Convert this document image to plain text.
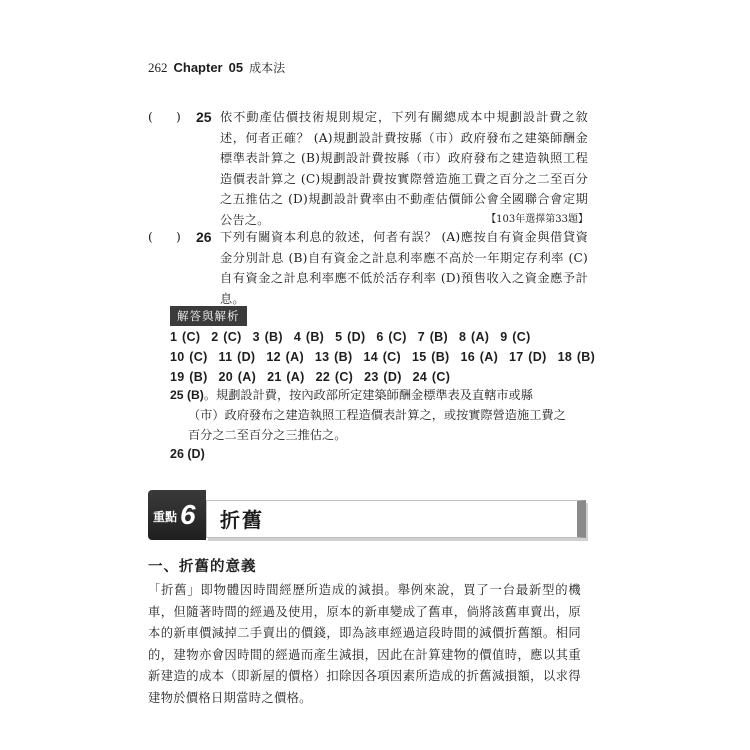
262 Chapter 05 成本法
( ) 25 依不動產估價技術規則規定，下列有關總成本中規劃設計費之敘述，何者正確？ (A)規劃設計費按縣（市）政府發布之建築師酬金標準表計算之 (B)規劃設計費按縣（市）政府發布之建造執照工程造價表計算之 (C)規劃設計費按實際營造施工費之百分之二至百分之五推估之 (D)規劃設計費率由不動產估價師公會全國聯合會定期公告之。	【103年選擇第33題】
( ) 26 下列有關資本利息的敘述，何者有誤？ (A)應按自有資金與借貸資金分別計息 (B)自有資金之計息利率應不高於一年期定存利率 (C)自有資金之計息利率應不低於活存利率 (D)預售收入之資金應予計息。
解答與解析
1 (C) 2 (C) 3 (B) 4 (B) 5 (D) 6 (C) 7 (B) 8 (A) 9 (C)
10 (C) 11 (D) 12 (A) 13 (B) 14 (C) 15 (B) 16 (A) 17 (D) 18 (B)
19 (B) 20 (A) 21 (A) 22 (C) 23 (D) 24 (C)
25 (B)。規劃設計費，按內政部所定建築師酬金標準表及直轄市或縣
（市）政府發布之建造執照工程造價表計算之，或按實際營造施工費之
百分之二至百分之三推估之。
26 (D)
重點 6 折舊
一、折舊的意義
「折舊」即物體因時間經歷所造成的減損。舉例來說，買了一台最新型的機車，但隨著時間的經過及使用，原本的新車變成了舊車，倘將該舊車賣出，原本的新車價減掉二手賣出的價錢，即為該車經過這段時間的減價折舊額。相同的，建物亦會因時間的經過而產生減損，因此在計算建物的價值時，應以其重新建造的成本（即新屋的價格）扣除因各項因素所造成的折舊減損額，以求得建物於價格日期當時之價格。
